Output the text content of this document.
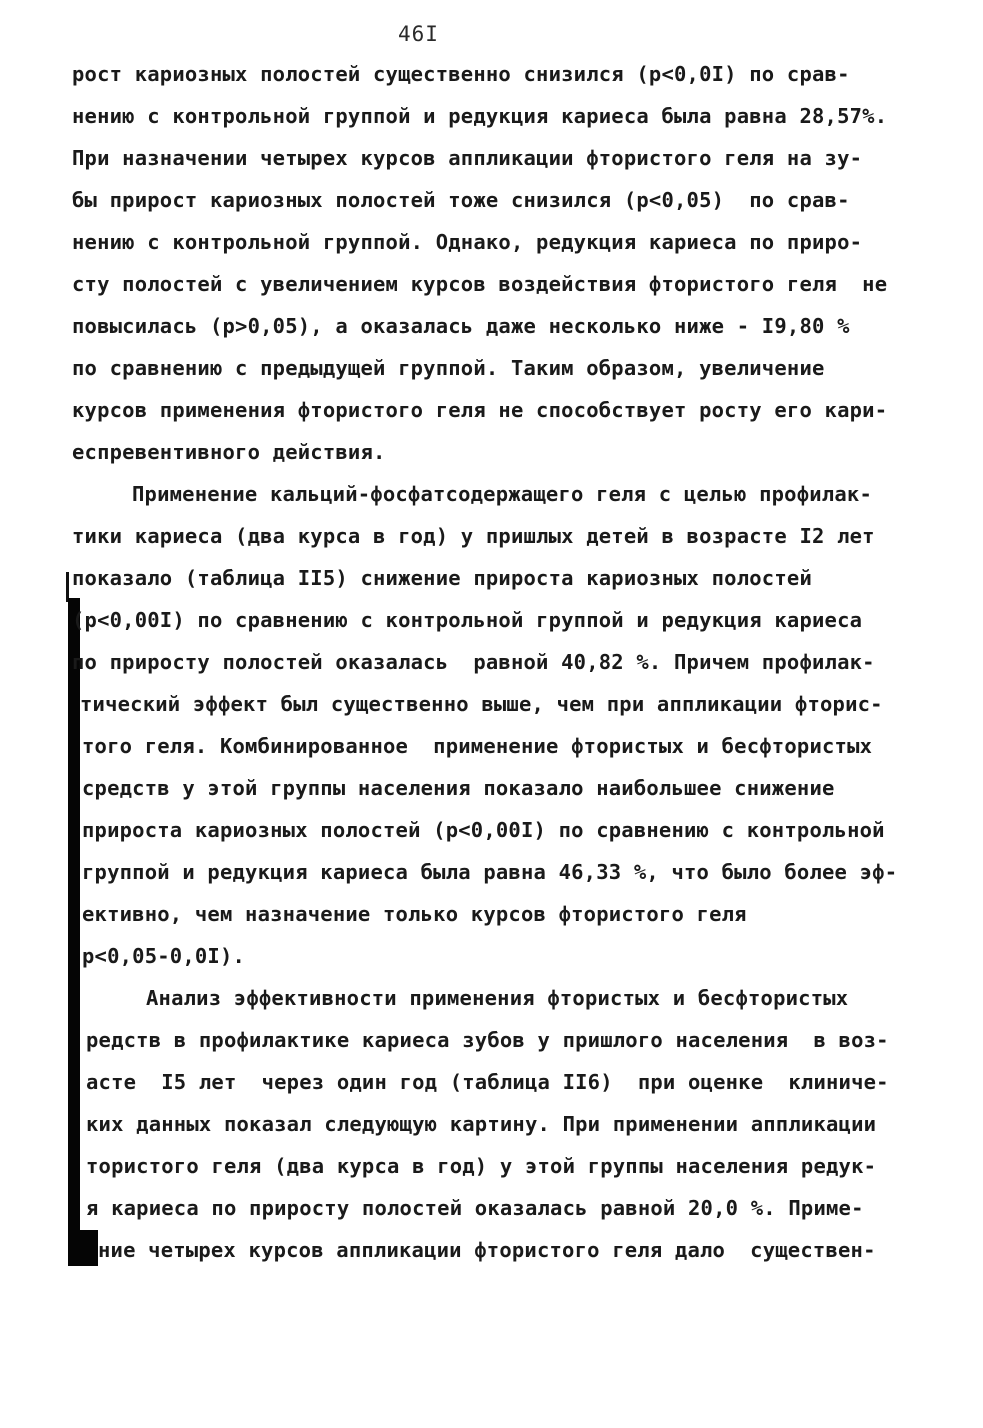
46I
рост кариозных полостей существенно снизился (р<0,0I) по срав-
нению с контрольной группой и редукция кариеса была равна 28,57%.
При назначении четырех курсов аппликации фтористого геля на зу-
бы прирост кариозных полостей тоже снизился (р<0,05)  по срав-
нению с контрольной группой. Однако, редукция кариеса по приро-
сту полостей с увеличением курсов воздействия фтористого геля  не
повысилась (р>0,05), а оказалась даже несколько ниже - I9,80 %
по сравнению с предыдущей группой. Таким образом, увеличение
курсов применения фтористого геля не способствует росту его кари-
еспревентивного действия.
Применение кальций-фосфатсодержащего геля с целью профилак-
тики кариеса (два курса в год) у пришлых детей в возрасте I2 лет
показало (таблица II5) снижение прироста кариозных полостей
(р<0,00I) по сравнению с контрольной группой и редукция кариеса
по приросту полостей оказалась  равной 40,82 %. Причем профилак-
тический эффект был существенно выше, чем при аппликации фторис-
того геля. Комбинированное  применение фтористых и бесфтористых
средств у этой группы населения показало наибольшее снижение
прироста кариозных полостей (р<0,00I) по сравнению с контрольной
группой и редукция кариеса была равна 46,33 %, что было более эф-
ективно, чем назначение только курсов фтористого геля
р<0,05-0,0I).
Анализ эффективности применения фтористых и бесфтористых
редств в профилактике кариеса зубов у пришлого населения  в воз-
асте  I5 лет  через один год (таблица II6)  при оценке  клиниче-
ких данных показал следующую картину. При применении аппликации
тористого геля (два курса в год) у этой группы населения редук-
я кариеса по приросту полостей оказалась равной 20,0 %. Приме-
ние четырех курсов аппликации фтористого геля дало  существен-
